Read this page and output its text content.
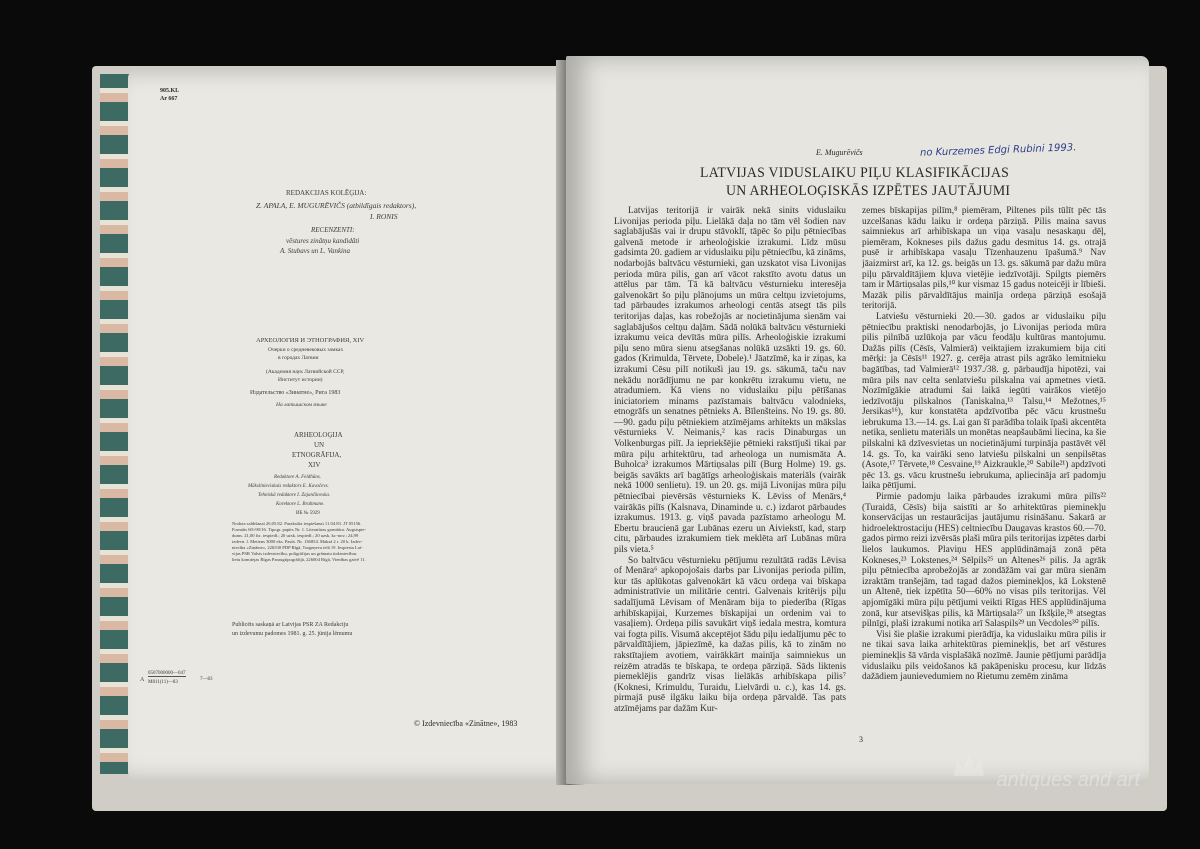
905.KL
Ar 667
REDAKCIJAS KOLĒĢIJA:
Z. APALA, E. MUGURĒVIČS (atbildīgais redaktors),
I. RONIS
RECENZENTI:
vēstures zinātņu kandidāti
A. Stubavs un L. Vankina
АРХЕОЛОГИЯ И ЭТНОГРАФИЯ, XIV
Очерки о средневековых замках
в городах Латвии
(Академия наук Латвийской ССР,
Институт истории)
Издательство «Зинатне», Рига 1983
На латышском языке
ARHEOLOĢIJA
UN
ETNOGRĀFIJA,
XIV
Redaktore A. Feldhūns.
Mākslinieciskais redaktors E. Kavačevs.
Tehniskā redaktore I. Zajančkovska.
Korektore L. Brahmane.
ИБ № 5929
Nodota salikšanai 26.05.82. Parakstīta iespiešanai 11.04.83. JT 05156.
Formāts 60×90/16. Tipogr. papīrs Nr. 1. Literatūras garnitūra. Augstspie-
dums. 21,00 fiz. iespiedl.; 20 uzsk. iespiedl.; 20 uzsk. kr.-nov.; 24,99
izdevn. l. Metiens 3000 eks. Pasūt. Nr. 136854. Maksā 2 r. 20 k. Izdev-
niecība «Zinātne», 226530 PDP Rīgā, Turgeņeva ielā 19. Iespiesta Lat-
vijas PSR Valsts izdevniecību, poligrāfijas un grāmatu tirdzniecības
lietu komitejas Rīgas Paraugtipogrāfijā, 226004 Rīgā, Vienības gatvē 11.
Publicēts saskaņā ar Latvijas PSR ZA Redakciju
un izdevumu padomes 1981. g. 25. jūnija lēmumu
A
0507000000—047
M811(11)—83
7—83
© Izdevniecība «Zinātne», 1983
E. Mugurēvičs	no Kurzemes Edgi Rubini 1993.
LATVIJAS VIDUSLAIKU PIĻU KLASIFIKĀCIJAS
UN ARHEOLOĢISKĀS IZPĒTES JAUTĀJUMI

Latvijas teritorijā ir vairāk nekā sinits viduslaiku Livonijas perioda piļu. Lielākā daļa no tām vēl šodien nav saglabājušās vai ir drupu stāvoklī, tāpēc šo piļu pētniecības galvenā metode ir arheoloģiskie izrakumi. Līdz mūsu gadsimta 20. gadiem ar viduslaiku piļu pētniecību, kā zināms, nodarbojās baltvācu vēsturnieki, gan uzskatot visa Livonijas perioda mūra pilis, gan arī vācot rakstīto avotu datus un attēlus par tām. Tā kā baltvācu vēsturnieku interesēja galvenokārt šo piļu plānojums un mūra celtņu izvietojums, tad pārbaudes izrakumos arheologi centās atsegt tās pils teritorijas daļas, kas robežojās ar nocietinājuma sienām vai saglabājušos celtņu daļām. Sādā nolūkā baltvācu vēsturnieki izrakumu veica devītās mūra pilīs. Arheoloģiskie izrakumi piļu seno mūra sienu atsegšanas nolūkā uzsākti 19. gs. 60. gados (Krimulda, Tērvete, Dobele).¹ Jāatzīmē, ka ir ziņas, ka izrakumi Cēsu pilī notikuši jau 19. gs. sākumā, taču nav nekādu norādījumu ne par konkrētu izrakumu vietu, ne atradumiem. Kā viens no viduslaiku piļu pētīšanas iniciatoriem minams pazīstamais baltvācu valodnieks, etnogrāfs un senatnes pētnieks A. Bīlenšteins. No 19. gs. 80.—90. gadu piļu pētniekiem atzīmējams arhitekts un mākslas vēsturnieks V. Neimanis,² kas racis Dinaburgas un Volkenburgas pilī. Ja iepriekšējie pētnieki rakstījuši tikai par mūra piļu arhitektūru, tad arheologa un numismāta A. Buholca³ izrakumos Mārtiņsalas pilī (Burg Holme) 19. gs. beigās savākts arī bagātīgs arheoloģiskais materiāls (vairāk nekā 1000 senlietu). 19. un 20. gs. mijā Livonijas mūra piļu pētniecībai pievērsās vēsturnieks K. Lēviss of Menārs,⁴ vairākās pilīs (Kalsnava, Dinaminde u. c.) izdarot pārbaudes izrakumus. 1913. g. viņš pavada pazīstamo arheologu M. Ebertu braucienā gar Lubānas ezeru un Aiviekstī, kad, starp citu, pārbaudes izrakumiem tiek meklēta arī Lubānas mūra pils vieta.⁵

So baltvācu vēsturnieku pētījumu rezultātā radās Lēvisa of Menāra⁶ apkopojošais darbs par Livonijas perioda pilīm, kur tās aplūkotas galvenokārt kā vācu ordeņa vai bīskapa administratīvie un militārie centri. Galvenais kritērijs piļu sadalījumā Lēvisam of Menāram bija to piederība (Rīgas arhibīskapijai, Kurzemes bīskapijai un ordenim vai to vasaļiem). Ordeņa pilis savukārt viņš iedala mestra, komtura vai fogta pilīs. Visumā akceptējot šādu piļu iedalījumu pēc to pārvaldītājiem, jāpiezīmē, ka dažas pilis, kā to zinām no rakstītajiem avotiem, vairākkārt mainīja saimniekus un reizēm atradās te bīskapa, te ordeņa pārziņā. Sāds liktenis piemeklējis gandrīz visas lielākās arhibīskapa pilis⁷ (Koknesi, Krimuldu, Turaidu, Lielvārdi u. c.), kas 14. gs. pirmajā pusē ilgāku laiku bija ordeņa pārvaldē. Tas pats atzīmējams par dažām Kur-

zemes bīskapijas pilīm,⁸ piemēram, Piltenes pils tūlīt pēc tās uzcelšanas kādu laiku ir ordeņa pārziņā. Pilis maina savus saimniekus arī arhibīskapa un viņa vasaļu nesaskaņu dēļ, piemēram, Kokneses pils dažus gadu desmitus 14. gs. otrajā pusē ir arhibīskapa vasaļu Tīzenhauzenu īpašumā.⁹ Nav jāaizmirst arī, ka 12. gs. beigās un 13. gs. sākumā par dažu mūra piļu pārvaldītājiem kļuva vietējie iedzīvotāji. Spilgts piemērs tam ir Mārtiņsalas pils,¹⁰ kur vismaz 15 gadus noteicēji ir lībieši. Mazāk pilis pārvaldītājus mainīja ordeņa pārziņā esošajā teritorijā.

Latviešu vēsturnieki 20.—30. gados ar viduslaiku piļu pētniecību praktiski nenodarbojās, jo Livonijas perioda mūra pilis pilnībā uzlūkoja par vācu feodāļu kultūras mantojumu. Dažās pilīs (Cēsīs, Valmierā) veiktajiem izrakumiem bija citi mērķi: ja Cēsīs¹¹ 1927. g. cerēja atrast pils agrāko lemitnieku bagātības, tad Valmierā¹² 1937./38. g. pārbaudīja hipotēzi, vai mūra pils nav celta senlatviešu pilskalna vai apmetnes vietā. Nozīmīgākie atradumi šai laikā iegūti vairākos vietējo iedzīvotāju pilskalnos (Taniskalna,¹³ Talsu,¹⁴ Mežotnes,¹⁵ Jersikas¹⁶), kur konstatēta apdzīvotība pēc vācu krustnešu iebrukuma 13.—14. gs. Lai gan šī parādība tolaik īpaši akcentēta netika, senlietu materiāls un monētas neapšaubāmi liecina, ka šie pilskalni kā dzīvesvietas un nocietinājumi turpināja pastāvēt vēl 14. gs. To, ka vairāki seno latviešu pilskalni un senpilsētas (Asote,¹⁷ Tērvete,¹⁸ Cesvaine,¹⁹ Aizkraukle,²⁰ Sabile²¹) apdzīvoti pēc 13. gs. vācu krustnešu iebrukuma, apliecināja arī padomju laika pētījumi.

Pirmie padomju laika pārbaudes izrakumi mūra pilīs²² (Turaidā, Cēsīs) bija saistīti ar šo arhitektūras pieminekļu konservācijas un restaurācijas jautājumu risināšanu. Sakarā ar hidroelektrostaciju (HES) celtniecību Daugavas krastos 60.—70. gados pirmo reizi izvērsās plaši mūra pils teritorijas izpētes darbi lielos laukumos. Plaviņu HES applūdināmajā zonā pēta Kokneses,²³ Lokstenes,²⁴ Sēlpils²⁵ un Altenes²⁶ pilis. Ja agrāk piļu pētniecība aprobežojās ar zondāžām vai gar mūra sienām izraktām tranšejām, tad tagad dažos pieminekļos, kā Lokstenē un Altenē, tiek izpētīta 50—60% no visas pils teritorijas. Vēl apjomīgāki mūra piļu pētījumi veikti Rīgas HES applūdinājuma zonā, kur atsevišķas pilis, kā Mārtiņsala²⁷ un Ikšķile,²⁸ atsegtas pilnīgi, plaši izrakumi notika arī Salaspils²⁹ un Vecdoles³⁰ pilīs.

Visi šie plašie izrakumi pierādīja, ka viduslaiku mūra pilis ir ne tikai sava laika arhitektūras pieminekļis, bet arī vēstures pieminekļis šā vārda visplašākā nozīmē. Jaunie pētījumi parādīja viduslaiku pils veidošanos kā pakāpenisku procesu, kur līdzās dažādiem jaunievedumiem no Rietumu zemēm zināma

3
antiques and art
